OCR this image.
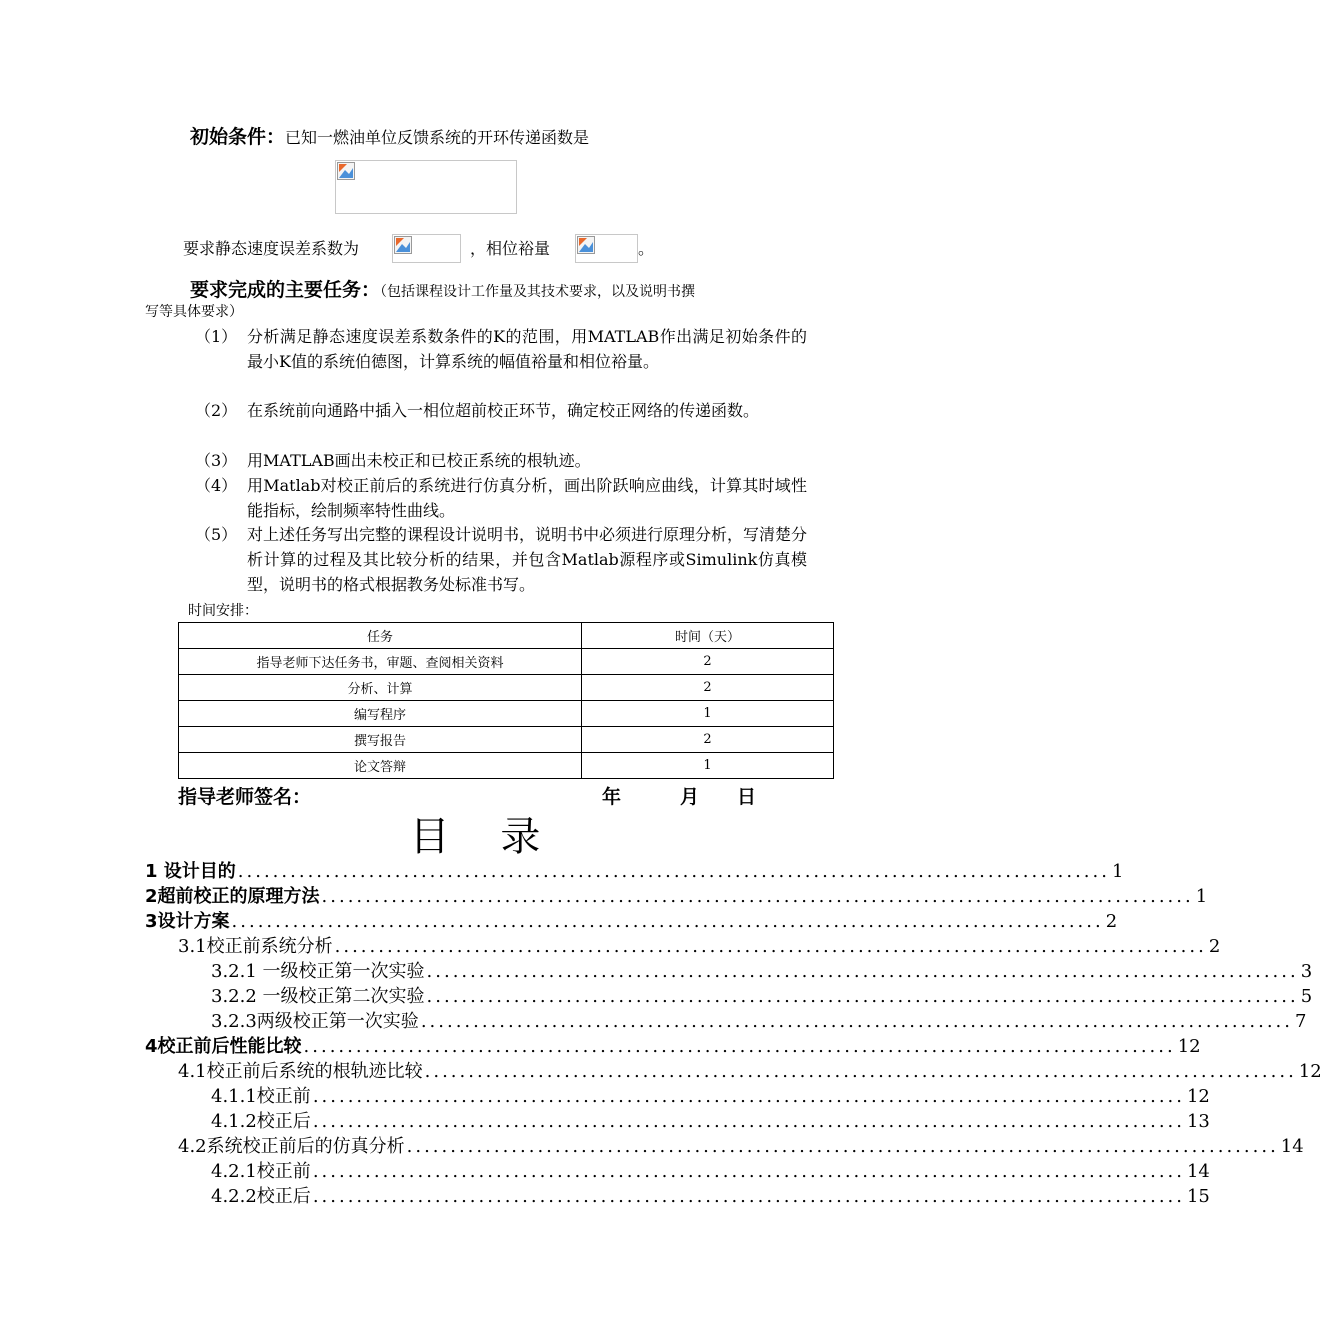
初始条件：已知一燃油单位反馈系统的开环传递函数是
要求静态速度误差系数为	，相位裕量	。
要求完成的主要任务：（包括课程设计工作量及其技术要求，以及说明书撰
写等具体要求）
（1） 分析满足静态速度误差系数条件的K的范围，用MATLAB作出满足初始条件的最小K值的系统伯德图，计算系统的幅值裕量和相位裕量。
（2） 在系统前向通路中插入一相位超前校正环节，确定校正网络的传递函数。
（3） 用MATLAB画出未校正和已校正系统的根轨迹。
（4） 用Matlab对校正前后的系统进行仿真分析，画出阶跃响应曲线，计算其时域性能指标，绘制频率特性曲线。
（5） 对上述任务写出完整的课程设计说明书，说明书中必须进行原理分析，写清楚分析计算的过程及其比较分析的结果，并包含Matlab源程序或Simulink仿真模型，说明书的格式根据教务处标准书写。
时间安排：
任务	时间（天）
指导老师下达任务书，审题、查阅相关资料	2
分析、计算	2
编写程序	1
撰写报告	2
论文答辩	1
指导老师签名：	年	月 日
目    录
1 设计目的 .................................................................................................... 1
2超前校正的原理方法 .................................................................................................... 1
3设计方案 .................................................................................................... 2
3.1校正前系统分析 .................................................................................................... 2
3.2.1 一级校正第一次实验 .................................................................................................... 3
3.2.2 一级校正第二次实验 .................................................................................................... 5
3.2.3两级校正第一次实验 .................................................................................................... 7
4校正前后性能比较 .................................................................................................... 12
4.1校正前后系统的根轨迹比较 .................................................................................................... 12
4.1.1校正前 .................................................................................................... 12
4.1.2校正后 .................................................................................................... 13
4.2系统校正前后的仿真分析 .................................................................................................... 14
4.2.1校正前 .................................................................................................... 14
4.2.2校正后 .................................................................................................... 15
